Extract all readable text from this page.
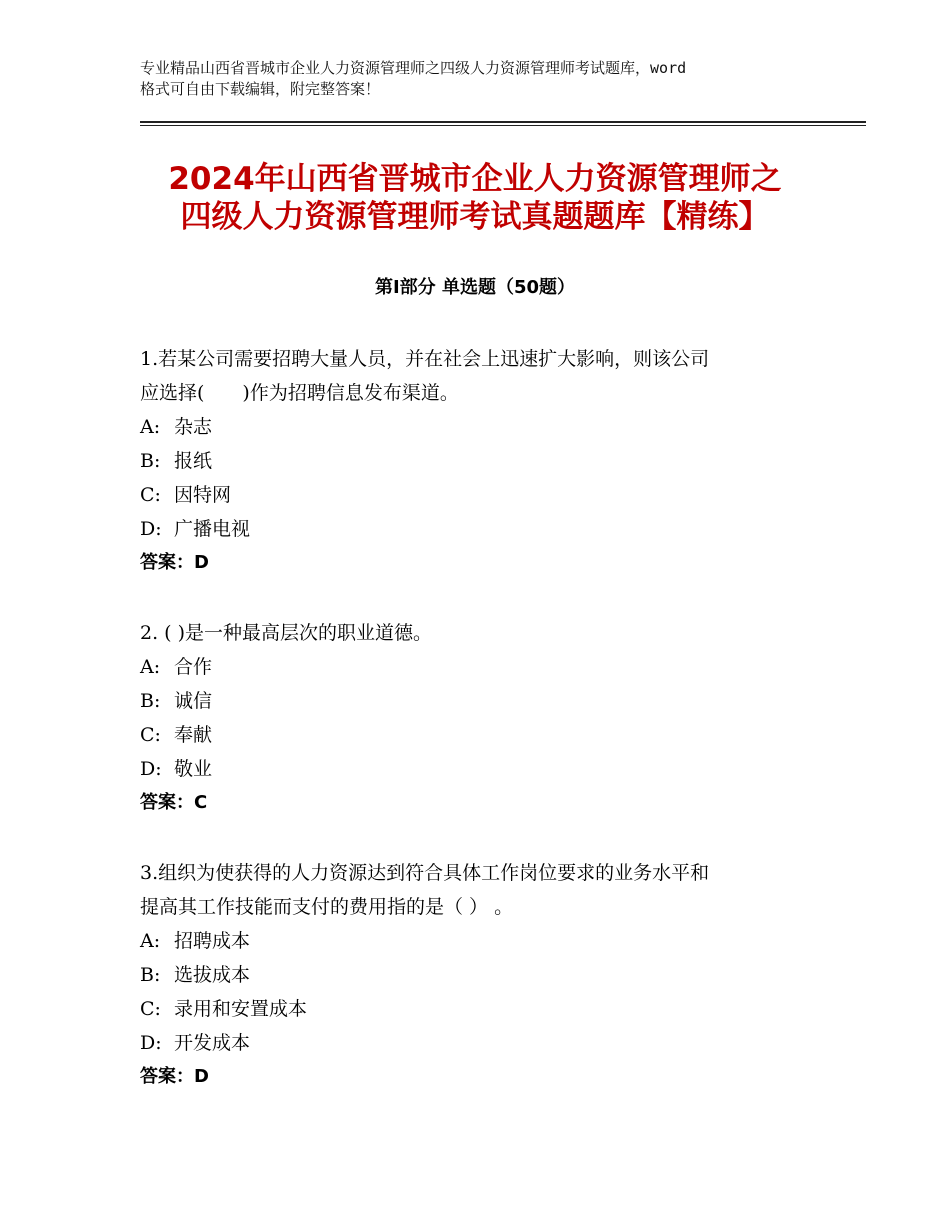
专业精品山西省晋城市企业人力资源管理师之四级人力资源管理师考试题库，word
格式可自由下载编辑，附完整答案！
2024年山西省晋城市企业人力资源管理师之
四级人力资源管理师考试真题题库【精练】
第Ⅰ部分 单选题（50题）

1.若某公司需要招聘大量人员，并在社会上迅速扩大影响，则该公司

应选择(　　)作为招聘信息发布渠道。

A: 杂志

B: 报纸

C: 因特网

D: 广播电视

答案：D

2. ( )是一种最高层次的职业道德。

A: 合作

B: 诚信

C: 奉献

D: 敬业

答案：C

3.组织为使获得的人力资源达到符合具体工作岗位要求的业务水平和

提高其工作技能而支付的费用指的是（ ） 。

A: 招聘成本

B: 选拔成本

C: 录用和安置成本

D: 开发成本

答案：D
